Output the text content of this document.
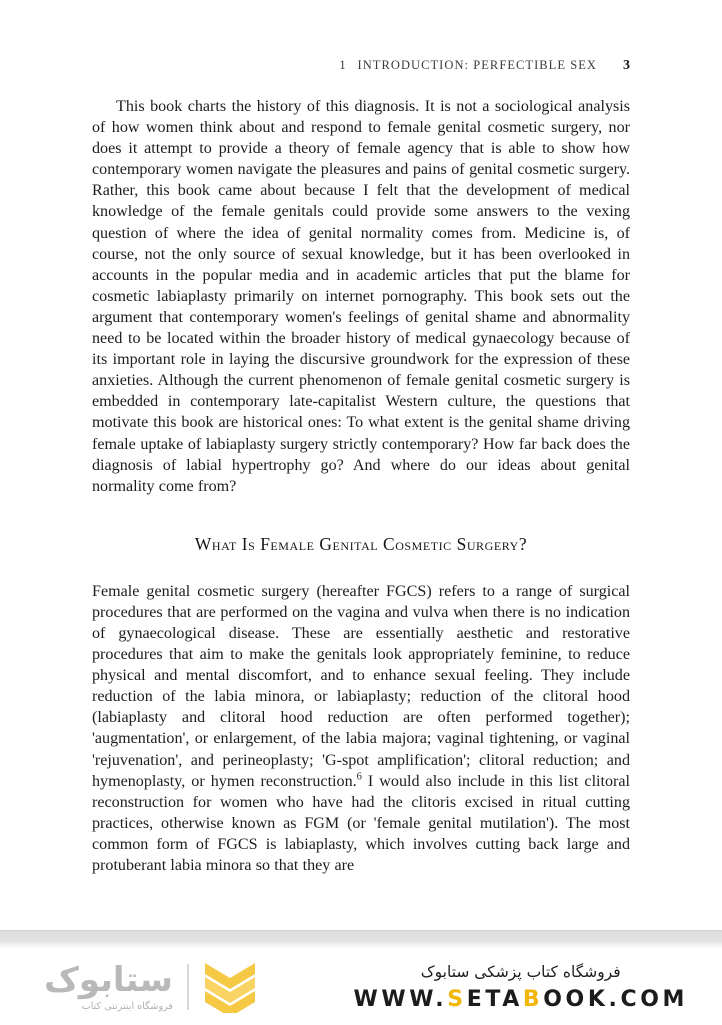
1 INTRODUCTION: PERFECTIBLE SEX 3

This book charts the history of this diagnosis. It is not a sociological analysis of how women think about and respond to female genital cosmetic surgery, nor does it attempt to provide a theory of female agency that is able to show how contemporary women navigate the pleasures and pains of genital cosmetic surgery. Rather, this book came about because I felt that the development of medical knowledge of the female genitals could provide some answers to the vexing question of where the idea of genital normality comes from. Medicine is, of course, not the only source of sexual knowledge, but it has been overlooked in accounts in the popular media and in academic articles that put the blame for cosmetic labiaplasty primarily on internet pornography. This book sets out the argument that contemporary women's feelings of genital shame and abnormality need to be located within the broader history of medical gynaecology because of its important role in laying the discursive groundwork for the expression of these anxieties. Although the current phenomenon of female genital cosmetic surgery is embedded in contemporary late-capitalist Western culture, the questions that motivate this book are historical ones: To what extent is the genital shame driving female uptake of labiaplasty surgery strictly contemporary? How far back does the diagnosis of labial hypertrophy go? And where do our ideas about genital normality come from?

What Is Female Genital Cosmetic Surgery?

Female genital cosmetic surgery (hereafter FGCS) refers to a range of surgical procedures that are performed on the vagina and vulva when there is no indication of gynaecological disease. These are essentially aesthetic and restorative procedures that aim to make the genitals look appropriately feminine, to reduce physical and mental discomfort, and to enhance sexual feeling. They include reduction of the labia minora, or labiaplasty; reduction of the clitoral hood (labiaplasty and clitoral hood reduction are often performed together); 'augmentation', or enlargement, of the labia majora; vaginal tightening, or vaginal 'rejuvenation', and perineoplasty; 'G-spot amplification'; clitoral reduction; and hymenoplasty, or hymen reconstruction.$^6$ I would also include in this list clitoral reconstruction for women who have had the clitoris excised in ritual cutting practices, otherwise known as FGM (or 'female genital mutilation'). The most common form of FGCS is labiaplasty, which involves cutting back large and protuberant labia minora so that they are

ستابوک
فروشگاه اینترنتی کتاب
فروشگاه کتاب پزشکی ستابوک
WWW.SETABOOK.COM
